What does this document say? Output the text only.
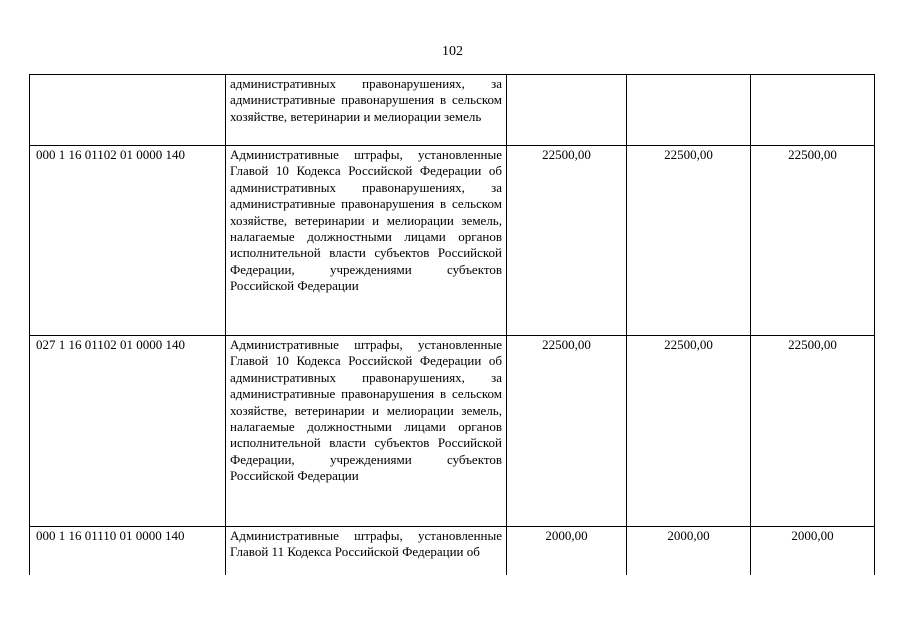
102
	административных правонарушениях, за административные правонарушения в сельском хозяйстве, ветеринарии и мелиорации земель			
000 1 16 01102 01 0000 140	Административные штрафы, установленные Главой 10 Кодекса Российской Федерации об административных правонарушениях, за административные правонарушения в сельском хозяйстве, ветеринарии и мелиорации земель, налагаемые должностными лицами органов исполнительной власти субъектов Российской Федерации, учреждениями субъектов Российской Федерации	22500,00	22500,00	22500,00
027 1 16 01102 01 0000 140	Административные штрафы, установленные Главой 10 Кодекса Российской Федерации об административных правонарушениях, за административные правонарушения в сельском хозяйстве, ветеринарии и мелиорации земель, налагаемые должностными лицами органов исполнительной власти субъектов Российской Федерации, учреждениями субъектов Российской Федерации	22500,00	22500,00	22500,00
000 1 16 01110 01 0000 140	Административные штрафы, установленные Главой 11 Кодекса Российской Федерации об	2000,00	2000,00	2000,00
